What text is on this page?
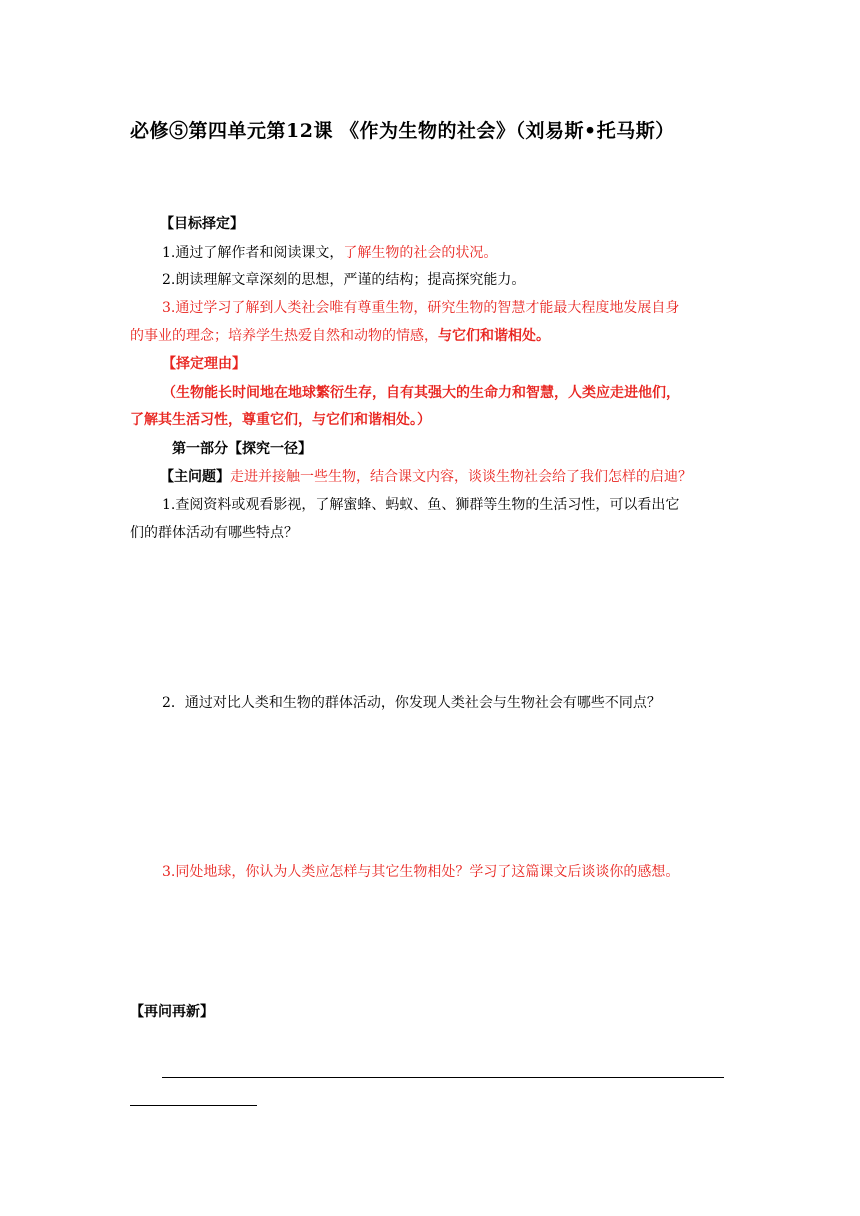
必修⑤第四单元第12课 《作为生物的社会》（刘易斯•托马斯）
【目标择定】
1.通过了解作者和阅读课文，了解生物的社会的状况。
2.朗读理解文章深刻的思想，严谨的结构；提高探究能力。
3.通过学习了解到人类社会唯有尊重生物，研究生物的智慧才能最大程度地发展自身
的事业的理念；培养学生热爱自然和动物的情感，与它们和谐相处。
【择定理由】
（生物能长时间地在地球繁衍生存，自有其强大的生命力和智慧，人类应走进他们，
了解其生活习性，尊重它们，与它们和谐相处。）
第一部分【探究一径】
【主问题】走进并接触一些生物，结合课文内容，谈谈生物社会给了我们怎样的启迪？
1.查阅资料或观看影视，了解蜜蜂、蚂蚁、鱼、狮群等生物的生活习性，可以看出它
们的群体活动有哪些特点？
2．通过对比人类和生物的群体活动，你发现人类社会与生物社会有哪些不同点？
3.同处地球，你认为人类应怎样与其它生物相处？学习了这篇课文后谈谈你的感想。
【再问再新】
